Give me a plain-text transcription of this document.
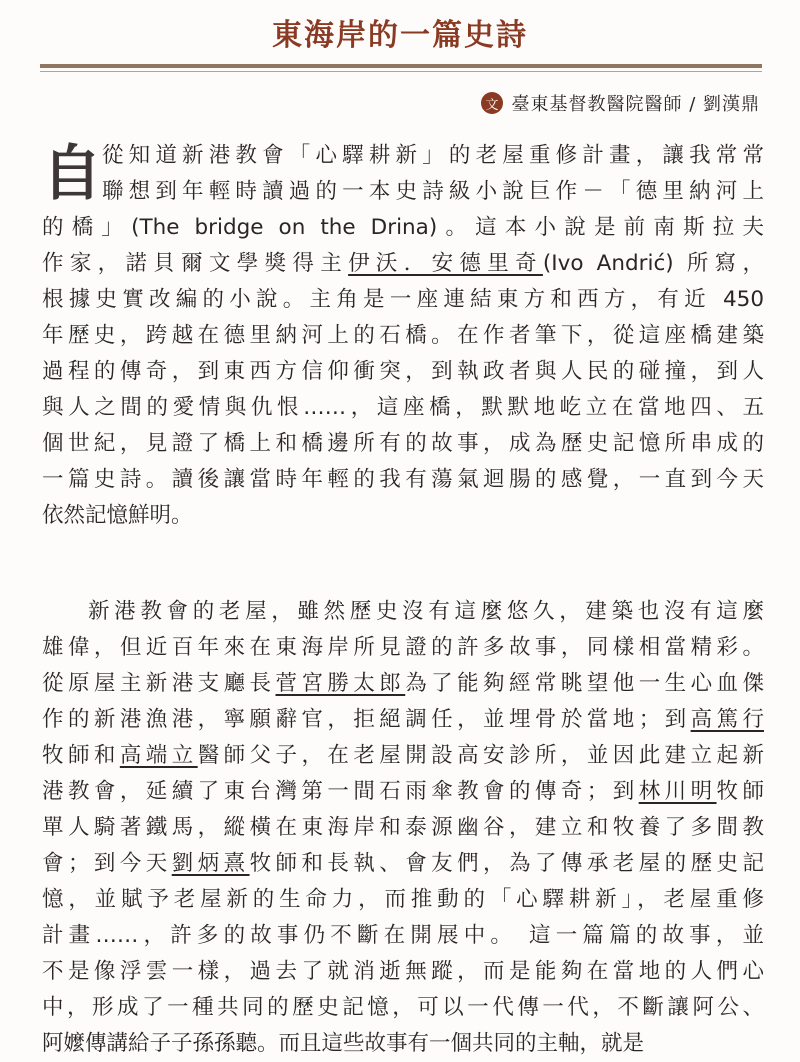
東海岸的一篇史詩
文 臺東基督教醫院醫師 / 劉漢鼎
自 從知道新港教會「心驛耕新」的老屋重修計畫，讓我常常
聯想到年輕時讀過的一本史詩級小說巨作－「德里納河上
的橋」(The bridge on the Drina)。這本小說是前南斯拉夫
作家，諾貝爾文學獎得主伊沃．安德里奇(Ivo Andrić) 所寫，
根據史實改編的小說。主角是一座連結東方和西方，有近 450
年歷史，跨越在德里納河上的石橋。在作者筆下，從這座橋建築
過程的傳奇，到東西方信仰衝突，到執政者與人民的碰撞，到人
與人之間的愛情與仇恨……，這座橋，默默地屹立在當地四、五
個世紀，見證了橋上和橋邊所有的故事，成為歷史記憶所串成的
一篇史詩。讀後讓當時年輕的我有蕩氣迴腸的感覺，一直到今天
依然記憶鮮明。
新港教會的老屋，雖然歷史沒有這麼悠久，建築也沒有這麼
雄偉，但近百年來在東海岸所見證的許多故事，同樣相當精彩。
從原屋主新港支廳長菅宮勝太郎為了能夠經常眺望他一生心血傑
作的新港漁港，寧願辭官，拒絕調任，並埋骨於當地；到高篤行
牧師和高端立醫師父子，在老屋開設高安診所，並因此建立起新
港教會，延續了東台灣第一間石雨傘教會的傳奇；到林川明牧師
單人騎著鐵馬，縱橫在東海岸和泰源幽谷，建立和牧養了多間教
會；到今天劉炳熹牧師和長執、會友們，為了傳承老屋的歷史記
憶，並賦予老屋新的生命力，而推動的「心驛耕新」，老屋重修
計畫……，許多的故事仍不斷在開展中。 這一篇篇的故事，並
不是像浮雲一樣，過去了就消逝無蹤，而是能夠在當地的人們心
中，形成了一種共同的歷史記憶，可以一代傳一代，不斷讓阿公、
阿嬤傳講給子子孫孫聽。而且這些故事有一個共同的主軸，就是
